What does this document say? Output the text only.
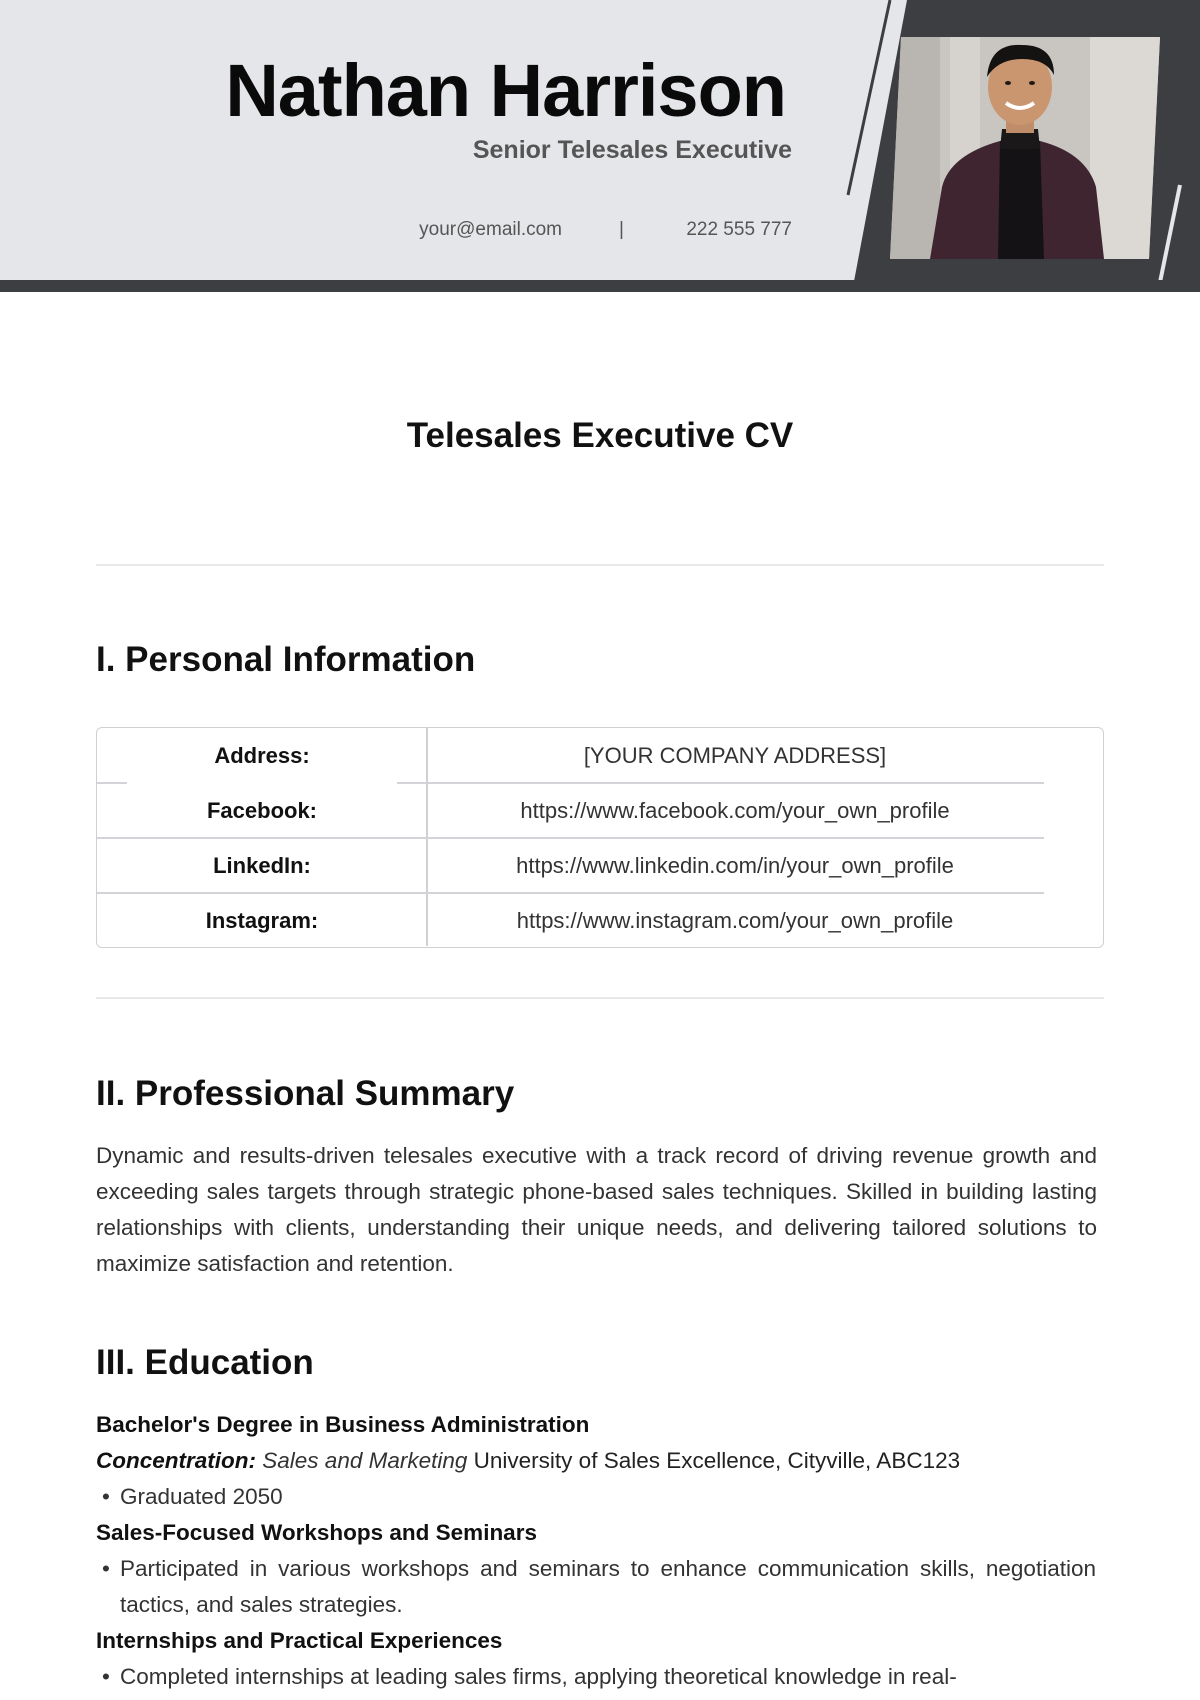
Nathan Harrison
Senior Telesales Executive
your@email.com	|	222 555 777
Telesales Executive CV
I. Personal Information
Address:	[YOUR COMPANY ADDRESS]
Facebook:	https://www.facebook.com/your_own_profile
LinkedIn:	https://www.linkedin.com/in/your_own_profile
Instagram:	https://www.instagram.com/your_own_profile
II. Professional Summary
Dynamic and results-driven telesales executive with a track record of driving revenue growth and exceeding sales targets through strategic phone-based sales techniques. Skilled in building lasting relationships with clients, understanding their unique needs, and delivering tailored solutions to maximize satisfaction and retention.
III. Education
Bachelor's Degree in Business Administration
Concentration: Sales and Marketing University of Sales Excellence, Cityville, ABC123
• Graduated 2050
Sales-Focused Workshops and Seminars
• Participated in various workshops and seminars to enhance communication skills, negotiation tactics, and sales strategies.
Internships and Practical Experiences
• Completed internships at leading sales firms, applying theoretical knowledge in real-
